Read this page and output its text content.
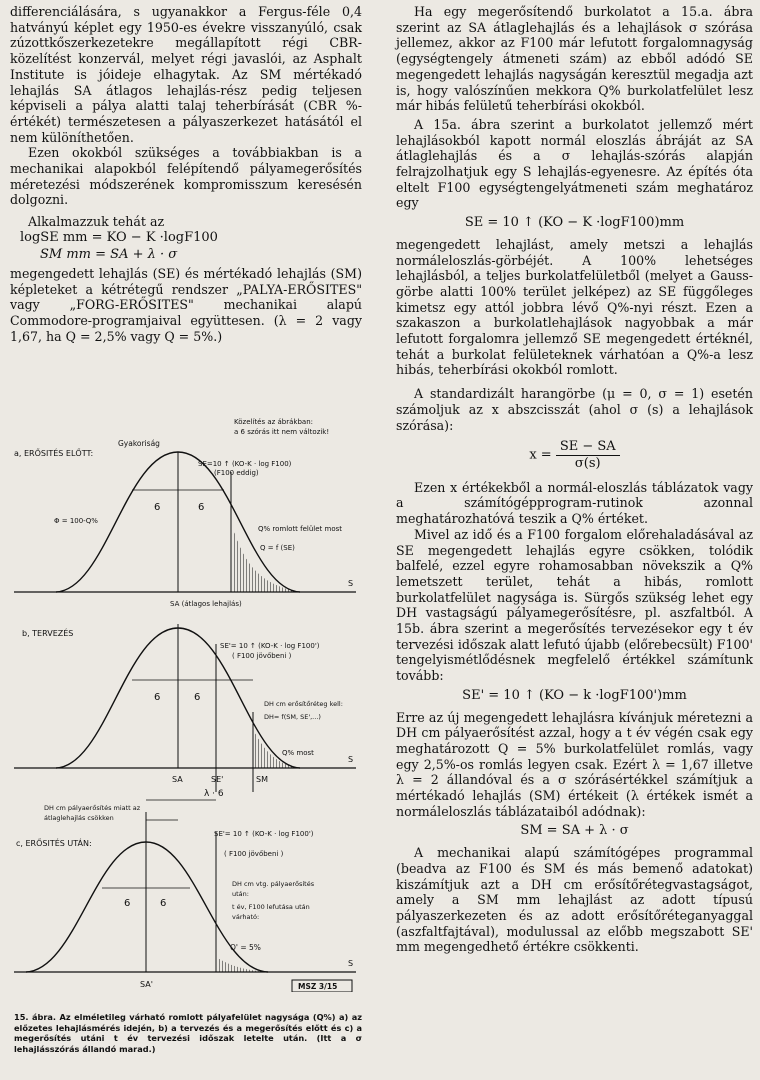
differenciálására, s ugyanakkor a Fergus-féle 0,4 hatványú képlet egy 1950-es évekre visszanyúló, csak zúzottkőszerkezetekre megállapított régi CBR-közelítést konzervál, melyet régi javaslói, az Asphalt Institute is jóideje elhagytak. Az SM mértékadó lehajlás SA átlagos lehajlás-rész pedig teljesen képviseli a pálya alatti talaj teherbírását (CBR %-értékét) természetesen a pályaszerkezet hatásától el nem különíthetően.

Ezen okokból szükséges a továbbiakban is a mechanikai alapokból felépítendő pályamegerősítés méretezési módszerének kompromisszum keresésén dolgozni.

Alkalmazzuk tehát az

logSE mm = KO − K ·logF100
SM mm = SA + λ · σ

megengedett lehajlás (SE) és mértékadó lehajlás (SM) képleteket a kétrétegű rendszer „PALYA-ERŐSITES" vagy „FORG-ERŐSITES" mechanikai alapú Commodore-programjaival együttesen. (λ = 2 vagy 1,67, ha Q = 2,5% vagy Q = 5%.)

a, ERŐSITÉS ELŐTT:
Gyakoriság
Közelítés az ábrákban:
a 6 szórás itt nem változik!
SE=10 ↑ (KO-K · log F100)
(F100 eddig)
6	6
Φ = 100-Q%
Q% romlott felület most
Q = f (SE)
SA (átlagos lehajlás)
S
b, TERVEZÉS
SE'= 10 ↑ (KO-K · log F100')
( F100 jövőbeni )
6	6
DH cm erősítőréteg kell:
DH= f(SM, SE',...)
Q% most
SA	SE'	SM
S
DH cm pályaerősítés miatt az
átlaglehajlás csökken
λ · 6
c, ERŐSITÉS UTÁN:
SE'= 10 ↑ (KO-K · log F100')
( F100 jövőbeni )
6	6
DH cm vtg. pályaerősítés
után:
t év, F100 lefutása után
várható:
Q' = 5%
SA'
S
MSZ 3/15
15. ábra. Az elméletileg várható romlott pályafelület nagysága (Q%) a) az előzetes lehajlásmérés idején, b) a tervezés és a megerősítés előtt és c) a megerősítés utáni t év tervezési időszak letelte után. (Itt a σ lehajlásszórás állandó marad.)

Ha egy megerősítendő burkolatot a 15.a. ábra szerint az SA átlaglehajlás és a lehajlások σ szórása jellemez, akkor az F100 már lefutott forgalomnagyság (egységtengely átmeneti szám) az ebből adódó SE megengedett lehajlás nagyságán keresztül megadja azt is, hogy valószínűen mekkora Q% burkolatfelület lesz már hibás felületű teherbírási okokból.

A 15a. ábra szerint a burkolatot jellemző mért lehajlásokból kapott normál eloszlás ábráját az SA átlaglehajlás és a σ lehajlás-szórás alapján felrajzolhatjuk egy S lehajlás-egyenesre. Az építés óta eltelt F100 egységtengelyátmeneti szám meghatároz egy

SE = 10 ↑ (KO − K ·logF100)mm

megengedett lehajlást, amely metszi a lehajlás normáleloszlás-görbéjét. A 100% lehetséges lehajlásból, a teljes burkolatfelületből (melyet a Gauss-görbe alatti 100% terület jelképez) az SE függőleges kimetsz egy attól jobbra lévő Q%-nyi részt. Ezen a szakaszon a burkolatlehajlások nagyobbak a már lefutott forgalomra jellemző SE megengedett értéknél, tehát a burkolat felületeknek várhatóan a Q%-a lesz hibás, teherbírási okokból romlott.

A standardizált harangörbe (μ = 0, σ = 1) esetén számoljuk az x abszcisszát (ahol σ (s) a lehajlások szórása):

$x = \frac{SE - SA}{\sigma(s)}$

Ezen x értékekből a normál-eloszlás táblázatok vagy a számítógépprogram-rutinok azonnal meghatározhatóvá teszik a Q% értéket.

Mivel az idő és a F100 forgalom előrehaladásával az SE megengedett lehajlás egyre csökken, tolódik balfelé, ezzel egyre rohamosabban növekszik a Q% lemetszett terület, tehát a hibás, romlott burkolatfelület nagysága is. Sürgős szükség lehet egy DH vastagságú pályamegerősítésre, pl. aszfaltból. A 15b. ábra szerint a megerősítés tervezésekor egy t év tervezési időszak alatt lefutó újabb (előrebecsült) F100' tengelyismétlődésnek megfelelő értékkel számítunk tovább:

SE' = 10 ↑ (KO − k ·logF100')mm

Erre az új megengedett lehajlásra kívánjuk méretezni a DH cm pályaerősítést azzal, hogy a t év végén csak egy meghatározott Q = 5% burkolatfelület romlás, vagy egy 2,5%-os romlás legyen csak. Ezért λ = 1,67 illetve λ = 2 állandóval és a σ szórásértékkel számítjuk a mértékadó lehajlás (SM) értékeit (λ értékek ismét a normáleloszlás táblázataiból adódnak):

SM = SA + λ · σ

A mechanikai alapú számítógépes programmal (beadva az F100 és SM és más bemenő adatokat) kiszámítjuk azt a DH cm erősítőrétegvastagságot, amely a SM mm lehajlást az adott típusú pályaszerkezeten és az adott erősítőréteganyaggal (aszfaltfajtával), modulussal az előbb megszabott SE' mm megengedhető értékre csökkenti.
